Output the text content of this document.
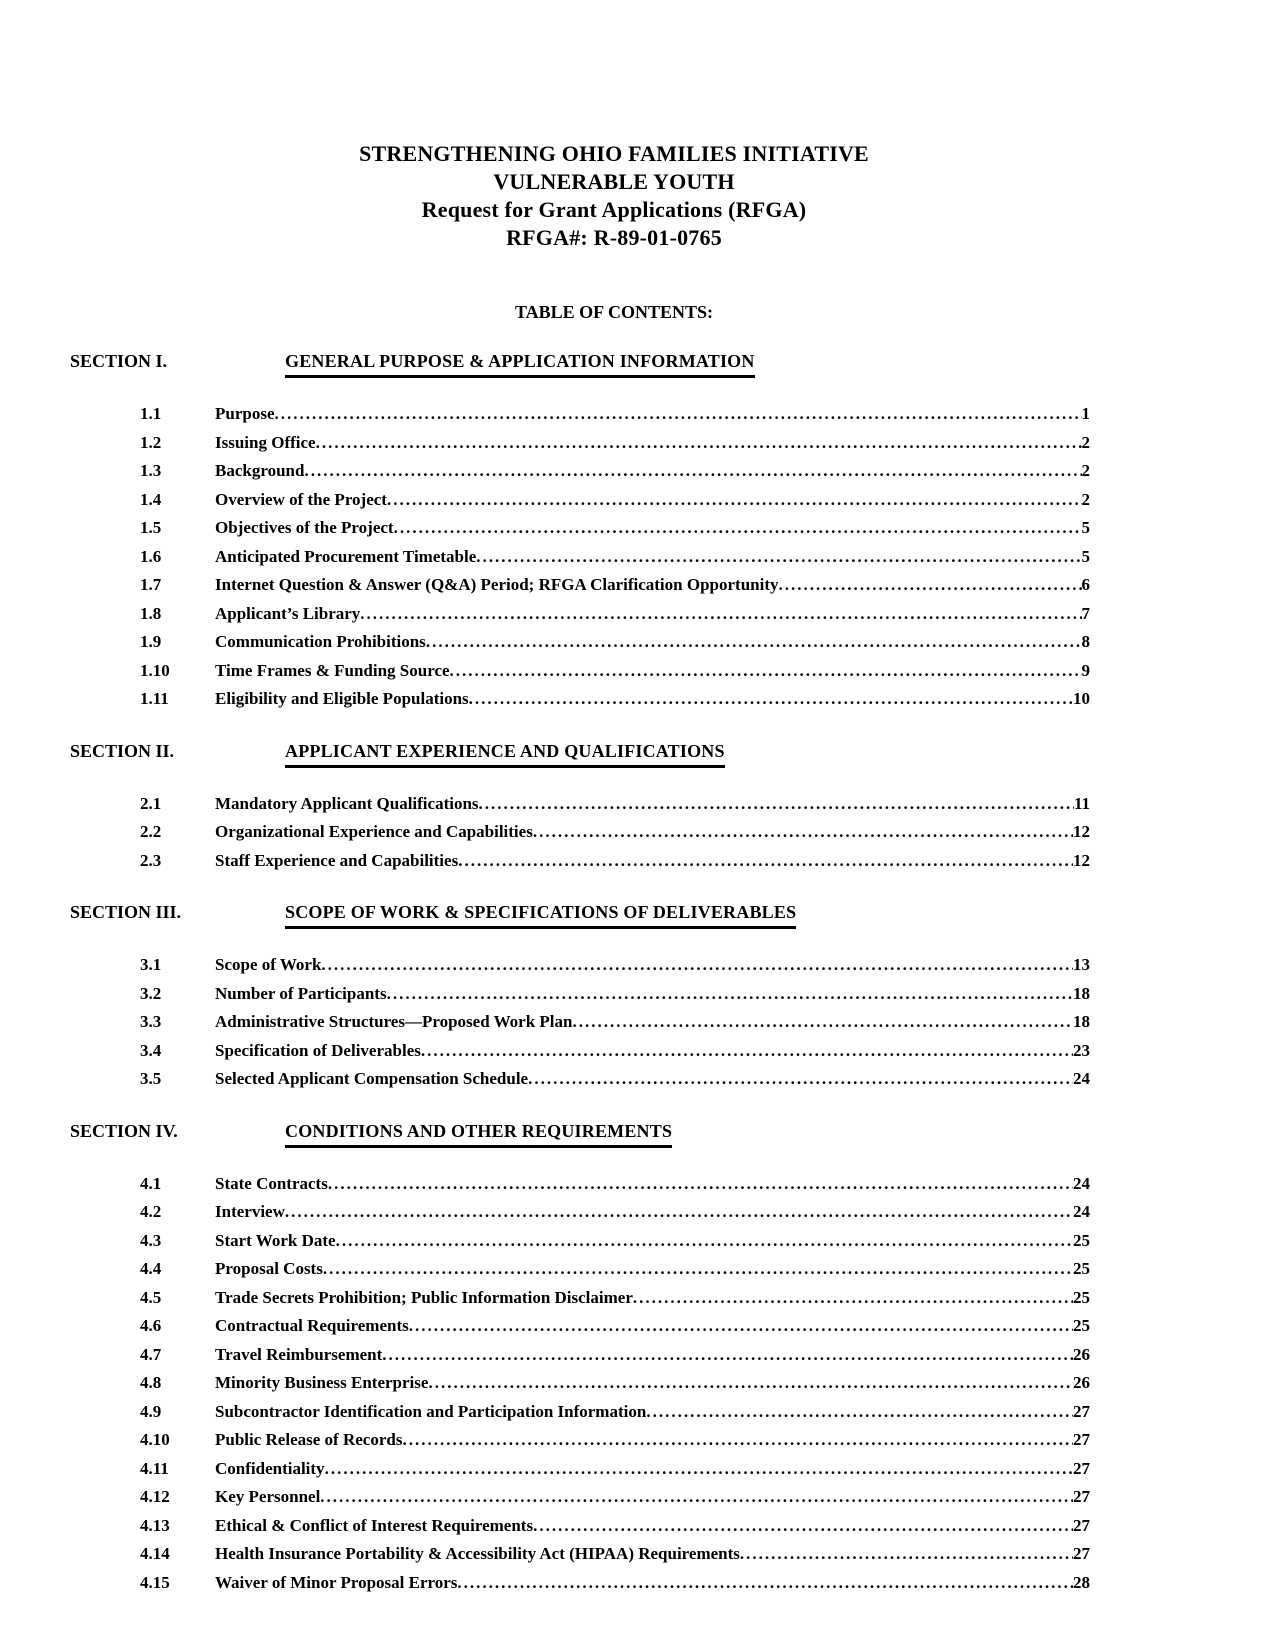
STRENGTHENING OHIO FAMILIES INITIATIVE
VULNERABLE YOUTH
Request for Grant Applications (RFGA)
RFGA#: R-89-01-0765
TABLE OF CONTENTS:
SECTION I.	GENERAL PURPOSE & APPLICATION INFORMATION
1.1	Purpose .....	1
1.2	Issuing Office .....	2
1.3	Background .....	2
1.4	Overview of the Project .....	2
1.5	Objectives of the Project .....	5
1.6	Anticipated Procurement Timetable .....	5
1.7	Internet Question & Answer (Q&A) Period; RFGA Clarification Opportunity .....	6
1.8	Applicant’s Library .....	7
1.9	Communication Prohibitions .....	8
1.10	Time Frames & Funding Source .....	9
1.11	Eligibility and Eligible Populations .....	10
SECTION II.	APPLICANT EXPERIENCE AND QUALIFICATIONS
2.1	Mandatory Applicant Qualifications .....	11
2.2	Organizational Experience and Capabilities .....	12
2.3	Staff Experience and Capabilities .....	12
SECTION III.	SCOPE OF WORK & SPECIFICATIONS OF DELIVERABLES
3.1	Scope of Work .....	13
3.2	Number of Participants .....	18
3.3	Administrative Structures—Proposed Work Plan .....	18
3.4	Specification of Deliverables .....	23
3.5	Selected Applicant Compensation Schedule .....	24
SECTION IV.	CONDITIONS AND OTHER REQUIREMENTS
4.1	State Contracts .....	24
4.2	Interview .....	24
4.3	Start Work Date .....	25
4.4	Proposal Costs .....	25
4.5	Trade Secrets Prohibition; Public Information Disclaimer .....	25
4.6	Contractual Requirements .....	25
4.7	Travel Reimbursement .....	26
4.8	Minority Business Enterprise .....	26
4.9	Subcontractor Identification and Participation Information .....	27
4.10	Public Release of Records .....	27
4.11	Confidentiality .....	27
4.12	Key Personnel .....	27
4.13	Ethical & Conflict of Interest Requirements .....	27
4.14	Health Insurance Portability & Accessibility Act (HIPAA) Requirements .....	27
4.15	Waiver of Minor Proposal Errors .....	28
